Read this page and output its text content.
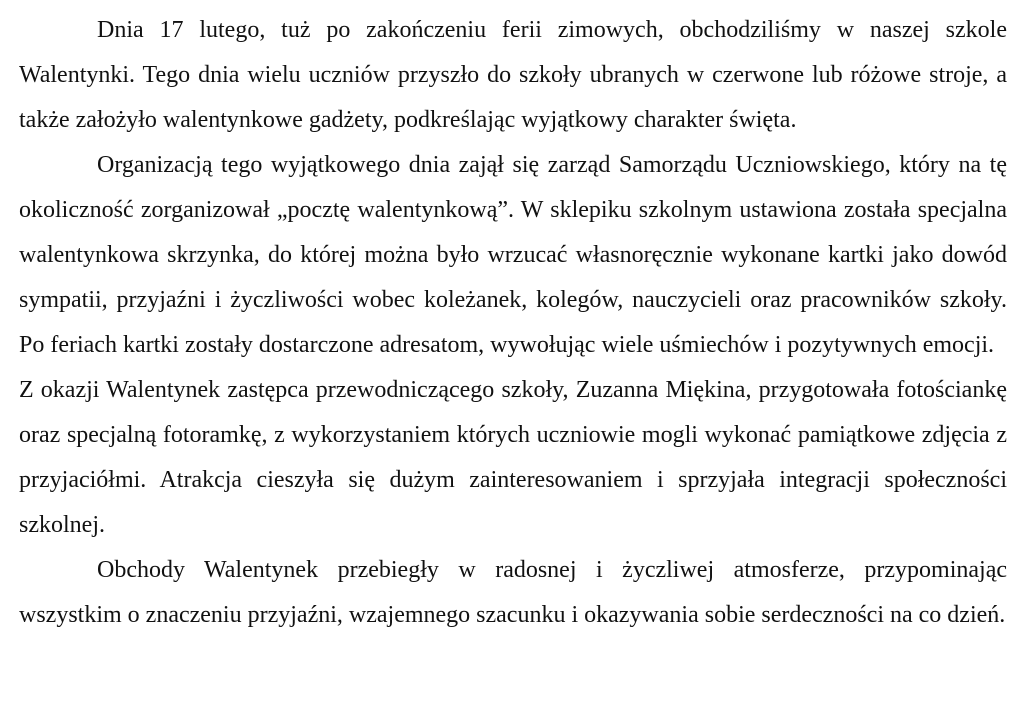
Dnia 17 lutego, tuż po zakończeniu ferii zimowych, obchodziliśmy w naszej szkole Walentynki. Tego dnia wielu uczniów przyszło do szkoły ubranych w czerwone lub różowe stroje, a także założyło walentynkowe gadżety, podkreślając wyjątkowy charakter święta.

Organizacją tego wyjątkowego dnia zajął się zarząd Samorządu Uczniowskiego, który na tę okoliczność zorganizował „pocztę walentynkową”. W sklepiku szkolnym ustawiona została specjalna walentynkowa skrzynka, do której można było wrzucać własnoręcznie wykonane kartki jako dowód sympatii, przyjaźni i życzliwości wobec koleżanek, kolegów, nauczycieli oraz pracowników szkoły. Po feriach kartki zostały dostarczone adresatom, wywołując wiele uśmiechów i pozytywnych emocji.

Z okazji Walentynek zastępca przewodniczącego szkoły, Zuzanna Miękina, przygotowała fotościankę oraz specjalną fotoramkę, z wykorzystaniem których uczniowie mogli wykonać pamiątkowe zdjęcia z przyjaciółmi. Atrakcja cieszyła się dużym zainteresowaniem i sprzyjała integracji społeczności szkolnej.

Obchody Walentynek przebiegły w radosnej i życzliwej atmosferze, przypominając wszystkim o znaczeniu przyjaźni, wzajemnego szacunku i okazywania sobie serdeczności na co dzień.
